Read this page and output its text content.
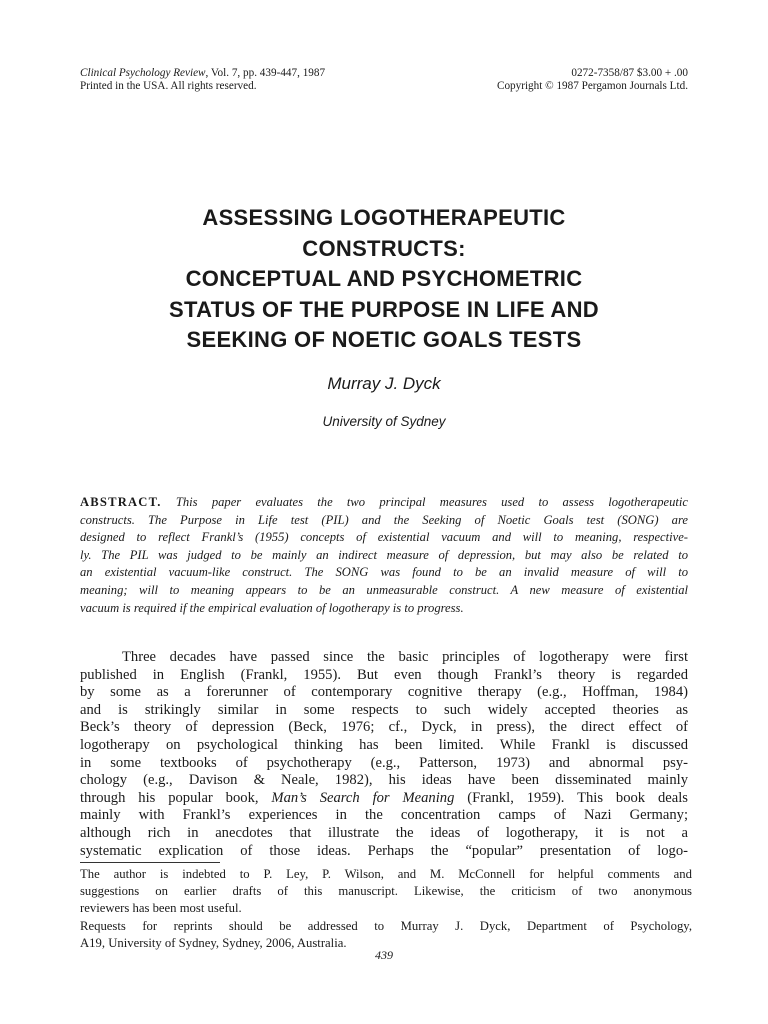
Clinical Psychology Review, Vol. 7, pp. 439-447, 1987
Printed in the USA. All rights reserved.
0272-7358/87 $3.00 + .00
Copyright © 1987 Pergamon Journals Ltd.
ASSESSING LOGOTHERAPEUTIC
CONSTRUCTS:
CONCEPTUAL AND PSYCHOMETRIC
STATUS OF THE PURPOSE IN LIFE AND
SEEKING OF NOETIC GOALS TESTS
Murray J. Dyck
University of Sydney
ABSTRACT. This paper evaluates the two principal measures used to assess logotherapeutic
constructs. The Purpose in Life test (PIL) and the Seeking of Noetic Goals test (SONG) are
designed to reflect Frankl’s (1955) concepts of existential vacuum and will to meaning, respective-
ly. The PIL was judged to be mainly an indirect measure of depression, but may also be related to
an existential vacuum-like construct. The SONG was found to be an invalid measure of will to
meaning; will to meaning appears to be an unmeasurable construct. A new measure of existential
vacuum is required if the empirical evaluation of logotherapy is to progress.
Three decades have passed since the basic principles of logotherapy were first
published in English (Frankl, 1955). But even though Frankl’s theory is regarded
by some as a forerunner of contemporary cognitive therapy (e.g., Hoffman, 1984)
and is strikingly similar in some respects to such widely accepted theories as
Beck’s theory of depression (Beck, 1976; cf., Dyck, in press), the direct effect of
logotherapy on psychological thinking has been limited. While Frankl is discussed
in some textbooks of psychotherapy (e.g., Patterson, 1973) and abnormal psy-
chology (e.g., Davison & Neale, 1982), his ideas have been disseminated mainly
through his popular book, Man’s Search for Meaning (Frankl, 1959). This book deals
mainly with Frankl’s experiences in the concentration camps of Nazi Germany;
although rich in anecdotes that illustrate the ideas of logotherapy, it is not a
systematic explication of those ideas. Perhaps the “popular” presentation of logo-
The author is indebted to P. Ley, P. Wilson, and M. McConnell for helpful comments and
suggestions on earlier drafts of this manuscript. Likewise, the criticism of two anonymous
reviewers has been most useful.
Requests for reprints should be addressed to Murray J. Dyck, Department of Psychology,
A19, University of Sydney, Sydney, 2006, Australia.
439
